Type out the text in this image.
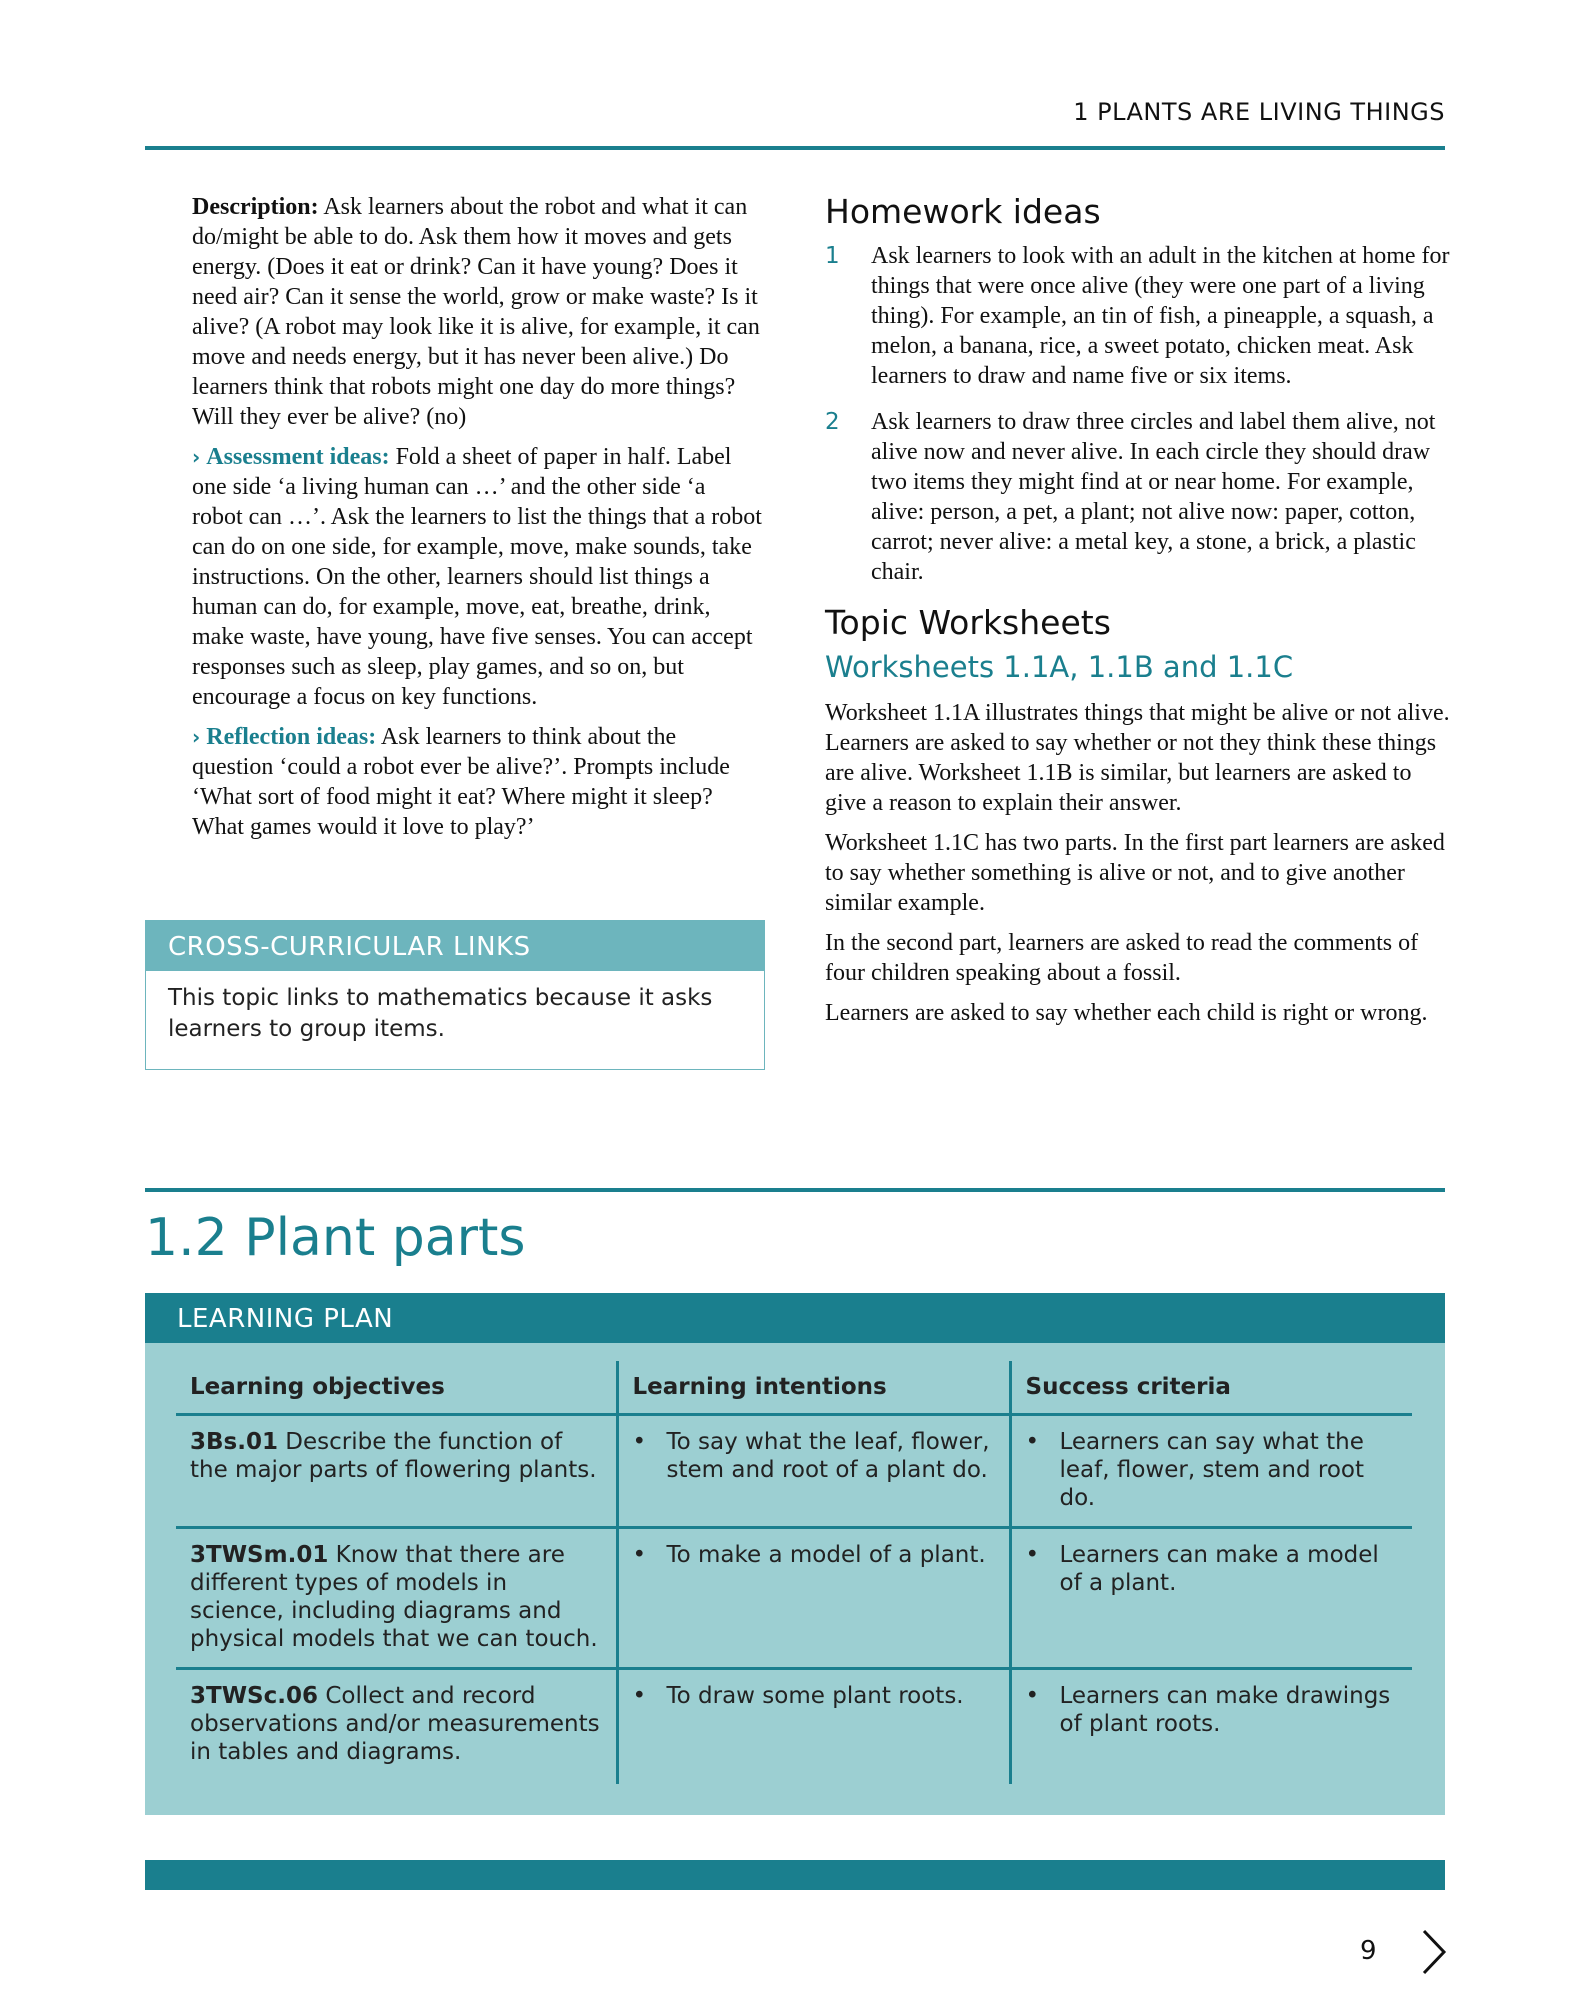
1 PLANTS ARE LIVING THINGS

Description: Ask learners about the robot and what it can do/might be able to do. Ask them how it moves and gets energy. (Does it eat or drink? Can it have young? Does it need air? Can it sense the world, grow or make waste? Is it alive? (A robot may look like it is alive, for example, it can move and needs energy, but it has never been alive.) Do learners think that robots might one day do more things? Will they ever be alive? (no)

› Assessment ideas: Fold a sheet of paper in half. Label one side ‘a living human can …’ and the other side ‘a robot can …’. Ask the learners to list the things that a robot can do on one side, for example, move, make sounds, take instructions. On the other, learners should list things a human can do, for example, move, eat, breathe, drink, make waste, have young, have five senses. You can accept responses such as sleep, play games, and so on, but encourage a focus on key functions.

› Reflection ideas: Ask learners to think about the question ‘could a robot ever be alive?’. Prompts include ‘What sort of food might it eat? Where might it sleep? What games would it love to play?’

CROSS-CURRICULAR LINKS
This topic links to mathematics because it asks learners to group items.
Homework ideas
1	Ask learners to look with an adult in the kitchen at home for things that were once alive (they were one part of a living thing). For example, an tin of fish, a pineapple, a squash, a melon, a banana, rice, a sweet potato, chicken meat. Ask learners to draw and name five or six items.
2	Ask learners to draw three circles and label them alive, not alive now and never alive. In each circle they should draw two items they might find at or near home. For example, alive: person, a pet, a plant; not alive now: paper, cotton, carrot; never alive: a metal key, a stone, a brick, a plastic chair.
Topic Worksheets
Worksheets 1.1A, 1.1B and 1.1C

Worksheet 1.1A illustrates things that might be alive or not alive. Learners are asked to say whether or not they think these things are alive. Worksheet 1.1B is similar, but learners are asked to give a reason to explain their answer.

Worksheet 1.1C has two parts. In the first part learners are asked to say whether something is alive or not, and to give another similar example.

In the second part, learners are asked to read the comments of four children speaking about a fossil.

Learners are asked to say whether each child is right or wrong.

1.2 Plant parts
LEARNING PLAN
Learning objectives	Learning intentions	Success criteria
3Bs.01 Describe the function of the major parts of flowering plants.	• To say what the leaf, flower, stem and root of a plant do.	• Learners can say what the leaf, flower, stem and root do.

3TWSm.01 Know that there are different types of models in science, including diagrams and physical models that we can touch.	• To make a model of a plant.	• Learners can make a model of a plant.

3TWSc.06 Collect and record observations and/or measurements in tables and diagrams.	• To draw some plant roots.	• Learners can make drawings of plant roots.
9
